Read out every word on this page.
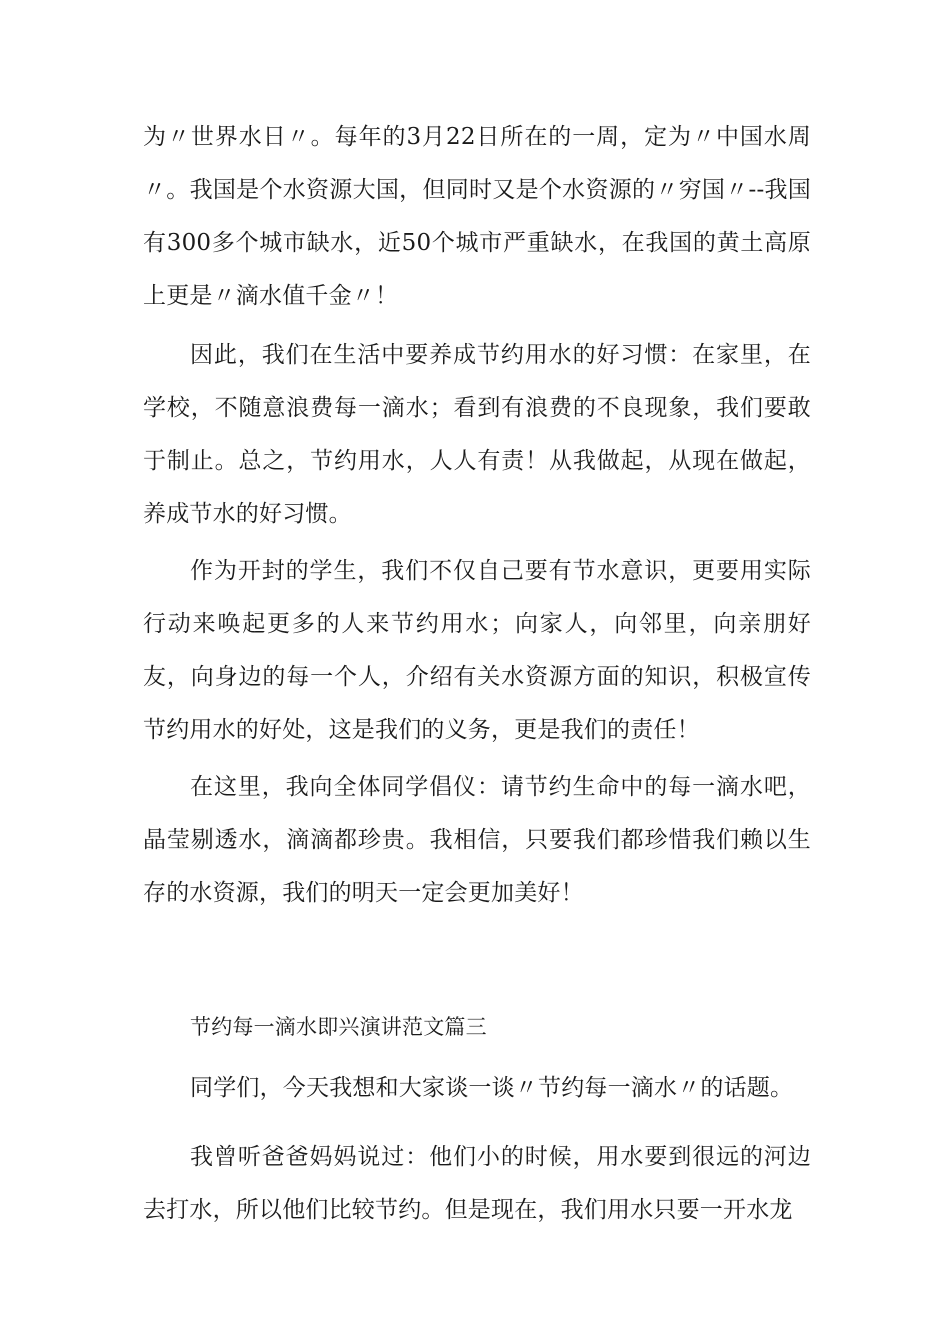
为〃世界水日〃。每年的3月22日所在的一周，定为〃中国水周〃。我国是个水资源大国，但同时又是个水资源的〃穷国〃--我国有300多个城市缺水，近50个城市严重缺水，在我国的黄土高原上更是〃滴水值千金〃！

因此，我们在生活中要养成节约用水的好习惯：在家里，在学校，不随意浪费每一滴水；看到有浪费的不良现象，我们要敢于制止。总之，节约用水，人人有责！从我做起，从现在做起，养成节水的好习惯。

作为开封的学生，我们不仅自己要有节水意识，更要用实际行动来唤起更多的人来节约用水；向家人，向邻里，向亲朋好友，向身边的每一个人，介绍有关水资源方面的知识，积极宣传节约用水的好处，这是我们的义务，更是我们的责任！

在这里，我向全体同学倡仪：请节约生命中的每一滴水吧，晶莹剔透水，滴滴都珍贵。我相信，只要我们都珍惜我们赖以生存的水资源，我们的明天一定会更加美好！

节约每一滴水即兴演讲范文篇三

同学们，今天我想和大家谈一谈〃节约每一滴水〃的话题。

我曾听爸爸妈妈说过：他们小的时候，用水要到很远的河边去打水，所以他们比较节约。但是现在，我们用水只要一开水龙
